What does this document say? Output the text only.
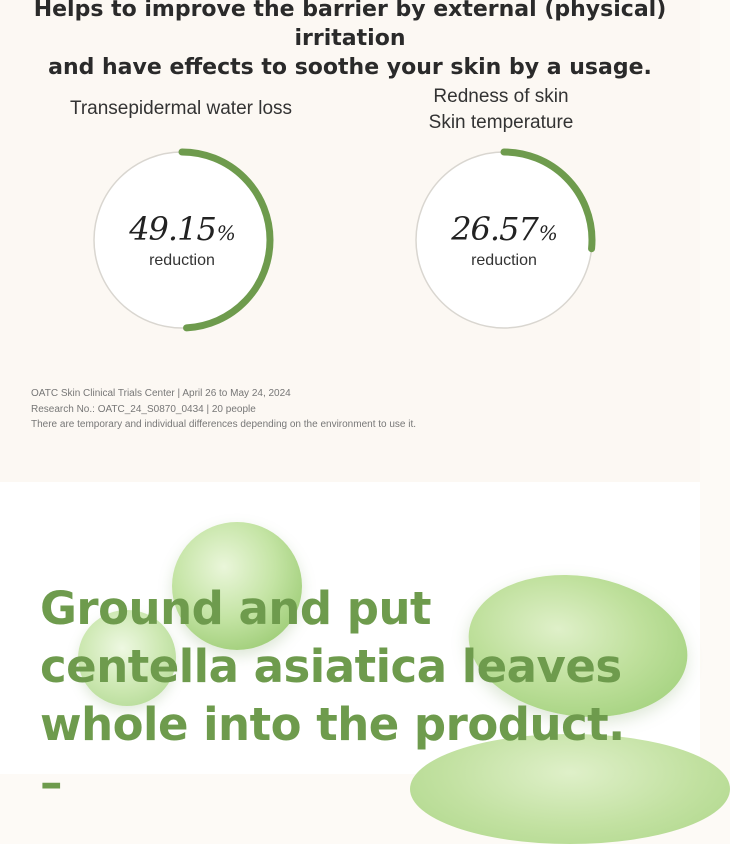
Helps to improve the barrier by external (physical) irritation
and have effects to soothe your skin by a usage.
Transepidermal water loss
Redness of skin
Skin temperature
49.15%
reduction
26.57%
reduction
OATC Skin Clinical Trials Center | April 26 to May 24, 2024
Research No.: OATC_24_S0870_0434 | 20 people
There are temporary and individual differences depending on the environment to use it.
Ground and put
centella asiatica leaves
whole into the product. –
